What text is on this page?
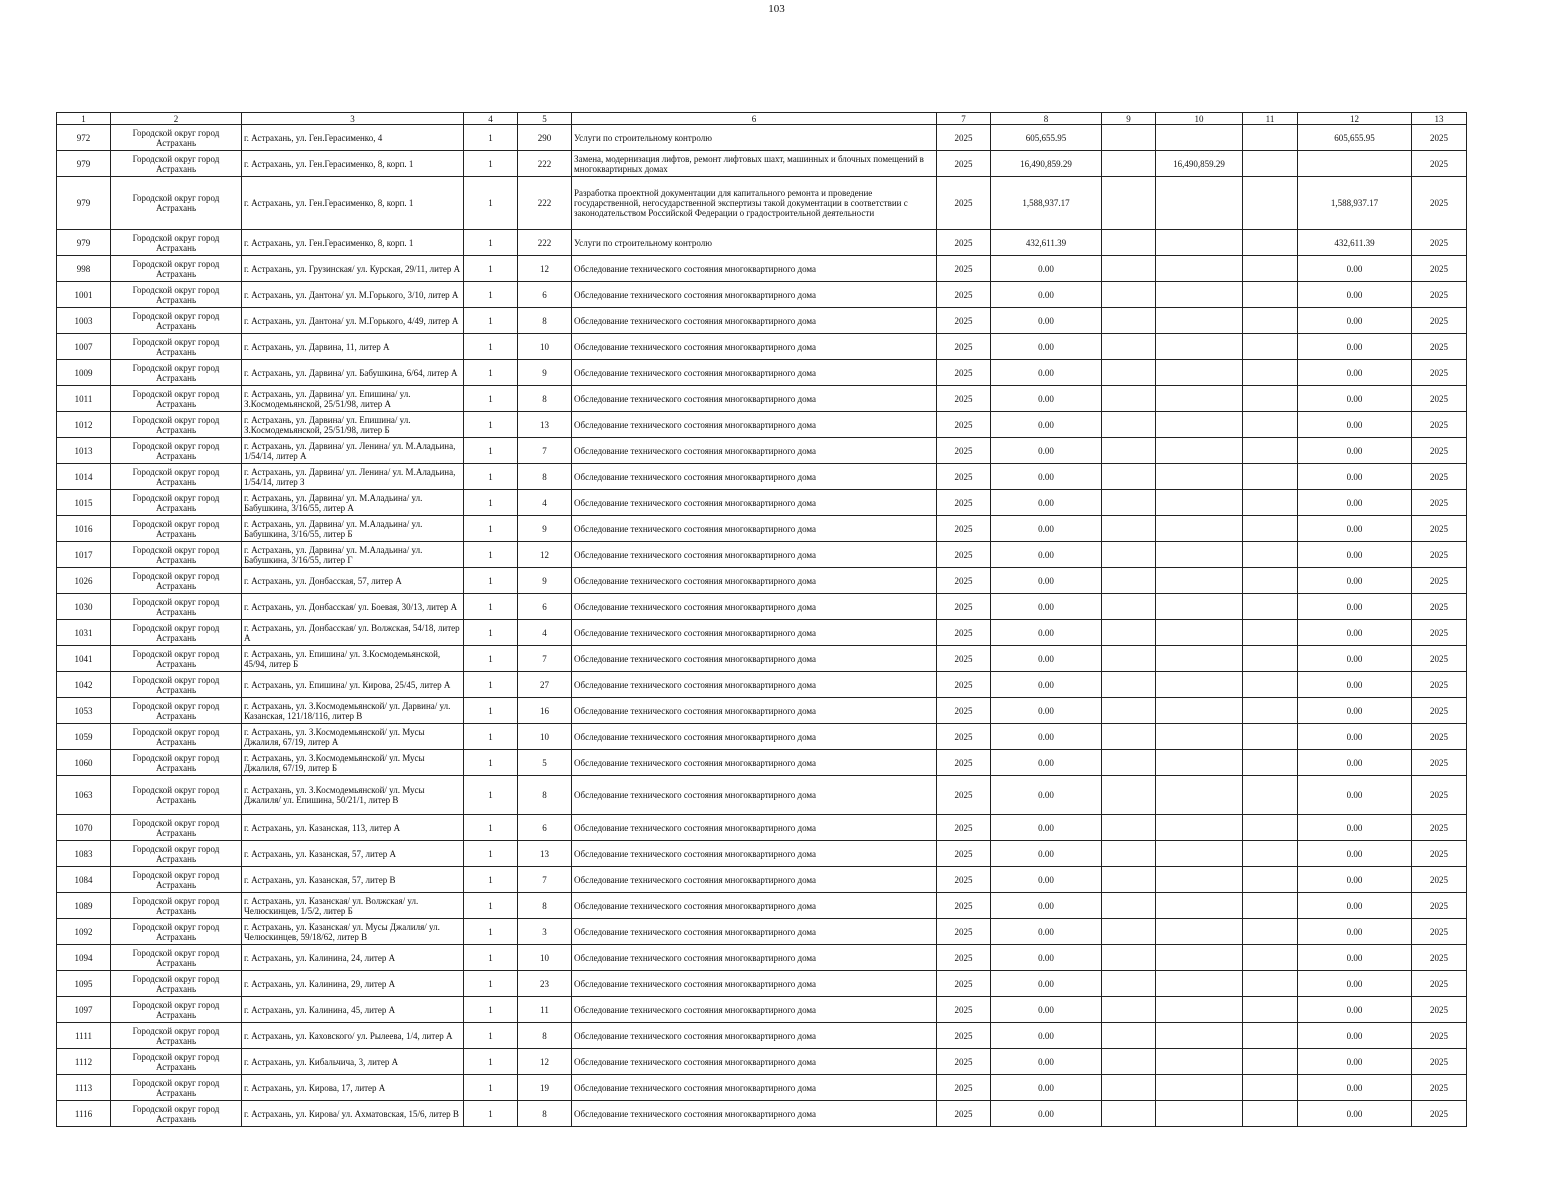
103
1	2	3	4	5	6	7	8	9	10	11	12	13
972	Городской округ город Астрахань	г. Астрахань, ул. Ген.Герасименко, 4	1	290	Услуги по строительному контролю	2025	605,655.95				605,655.95	2025
979	Городской округ город Астрахань	г. Астрахань, ул. Ген.Герасименко, 8, корп. 1	1	222	Замена, модернизация лифтов, ремонт лифтовых шахт, машинных и блочных помещений в многоквартирных домах	2025	16,490,859.29		16,490,859.29			2025
979	Городской округ город Астрахань	г. Астрахань, ул. Ген.Герасименко, 8, корп. 1	1	222	Разработка проектной документации для капитального ремонта и проведение государственной, негосударственной экспертизы такой документации в соответствии с законодательством Российской Федерации о градостроительной деятельности	2025	1,588,937.17				1,588,937.17	2025
979	Городской округ город Астрахань	г. Астрахань, ул. Ген.Герасименко, 8, корп. 1	1	222	Услуги по строительному контролю	2025	432,611.39				432,611.39	2025
998	Городской округ город Астрахань	г. Астрахань, ул. Грузинская/ ул. Курская, 29/11, литер А	1	12	Обследование технического состояния многоквартирного дома	2025	0.00				0.00	2025
1001	Городской округ город Астрахань	г. Астрахань, ул. Дантона/ ул. М.Горького, 3/10, литер А	1	6	Обследование технического состояния многоквартирного дома	2025	0.00				0.00	2025
1003	Городской округ город Астрахань	г. Астрахань, ул. Дантона/ ул. М.Горького, 4/49, литер А	1	8	Обследование технического состояния многоквартирного дома	2025	0.00				0.00	2025
1007	Городской округ город Астрахань	г. Астрахань, ул. Дарвина, 11, литер А	1	10	Обследование технического состояния многоквартирного дома	2025	0.00				0.00	2025
1009	Городской округ город Астрахань	г. Астрахань, ул. Дарвина/ ул. Бабушкина, 6/64, литер А	1	9	Обследование технического состояния многоквартирного дома	2025	0.00				0.00	2025
1011	Городской округ город Астрахань	г. Астрахань, ул. Дарвина/ ул. Епишина/ ул. З.Космодемьянской, 25/51/98, литер А	1	8	Обследование технического состояния многоквартирного дома	2025	0.00				0.00	2025
1012	Городской округ город Астрахань	г. Астрахань, ул. Дарвина/ ул. Епишина/ ул. З.Космодемьянской, 25/51/98, литер Б	1	13	Обследование технического состояния многоквартирного дома	2025	0.00				0.00	2025
1013	Городской округ город Астрахань	г. Астрахань, ул. Дарвина/ ул. Ленина/ ул. М.Аладьина, 1/54/14, литер А	1	7	Обследование технического состояния многоквартирного дома	2025	0.00				0.00	2025
1014	Городской округ город Астрахань	г. Астрахань, ул. Дарвина/ ул. Ленина/ ул. М.Аладьина, 1/54/14, литер З	1	8	Обследование технического состояния многоквартирного дома	2025	0.00				0.00	2025
1015	Городской округ город Астрахань	г. Астрахань, ул. Дарвина/ ул. М.Аладьина/ ул. Бабушкина, 3/16/55, литер А	1	4	Обследование технического состояния многоквартирного дома	2025	0.00				0.00	2025
1016	Городской округ город Астрахань	г. Астрахань, ул. Дарвина/ ул. М.Аладьина/ ул. Бабушкина, 3/16/55, литер Б	1	9	Обследование технического состояния многоквартирного дома	2025	0.00				0.00	2025
1017	Городской округ город Астрахань	г. Астрахань, ул. Дарвина/ ул. М.Аладьина/ ул. Бабушкина, 3/16/55, литер Г	1	12	Обследование технического состояния многоквартирного дома	2025	0.00				0.00	2025
1026	Городской округ город Астрахань	г. Астрахань, ул. Донбасская, 57, литер А	1	9	Обследование технического состояния многоквартирного дома	2025	0.00				0.00	2025
1030	Городской округ город Астрахань	г. Астрахань, ул. Донбасская/ ул. Боевая, 30/13, литер А	1	6	Обследование технического состояния многоквартирного дома	2025	0.00				0.00	2025
1031	Городской округ город Астрахань	г. Астрахань, ул. Донбасская/ ул. Волжская, 54/18, литер А	1	4	Обследование технического состояния многоквартирного дома	2025	0.00				0.00	2025
1041	Городской округ город Астрахань	г. Астрахань, ул. Епишина/ ул. З.Космодемьянской, 45/94, литер Б	1	7	Обследование технического состояния многоквартирного дома	2025	0.00				0.00	2025
1042	Городской округ город Астрахань	г. Астрахань, ул. Епишина/ ул. Кирова, 25/45, литер А	1	27	Обследование технического состояния многоквартирного дома	2025	0.00				0.00	2025
1053	Городской округ город Астрахань	г. Астрахань, ул. З.Космодемьянской/ ул. Дарвина/ ул. Казанская, 121/18/116, литер В	1	16	Обследование технического состояния многоквартирного дома	2025	0.00				0.00	2025
1059	Городской округ город Астрахань	г. Астрахань, ул. З.Космодемьянской/ ул. Мусы Джалиля, 67/19, литер А	1	10	Обследование технического состояния многоквартирного дома	2025	0.00				0.00	2025
1060	Городской округ город Астрахань	г. Астрахань, ул. З.Космодемьянской/ ул. Мусы Джалиля, 67/19, литер Б	1	5	Обследование технического состояния многоквартирного дома	2025	0.00				0.00	2025
1063	Городской округ город Астрахань	г. Астрахань, ул. З.Космодемьянской/ ул. Мусы Джалиля/ ул. Епишина, 50/21/1, литер В	1	8	Обследование технического состояния многоквартирного дома	2025	0.00				0.00	2025
1070	Городской округ город Астрахань	г. Астрахань, ул. Казанская, 113, литер А	1	6	Обследование технического состояния многоквартирного дома	2025	0.00				0.00	2025
1083	Городской округ город Астрахань	г. Астрахань, ул. Казанская, 57, литер А	1	13	Обследование технического состояния многоквартирного дома	2025	0.00				0.00	2025
1084	Городской округ город Астрахань	г. Астрахань, ул. Казанская, 57, литер В	1	7	Обследование технического состояния многоквартирного дома	2025	0.00				0.00	2025
1089	Городской округ город Астрахань	г. Астрахань, ул. Казанская/ ул. Волжская/ ул. Челюскинцев, 1/5/2, литер Б	1	8	Обследование технического состояния многоквартирного дома	2025	0.00				0.00	2025
1092	Городской округ город Астрахань	г. Астрахань, ул. Казанская/ ул. Мусы Джалиля/ ул. Челюскинцев, 59/18/62, литер В	1	3	Обследование технического состояния многоквартирного дома	2025	0.00				0.00	2025
1094	Городской округ город Астрахань	г. Астрахань, ул. Калинина, 24, литер А	1	10	Обследование технического состояния многоквартирного дома	2025	0.00				0.00	2025
1095	Городской округ город Астрахань	г. Астрахань, ул. Калинина, 29, литер А	1	23	Обследование технического состояния многоквартирного дома	2025	0.00				0.00	2025
1097	Городской округ город Астрахань	г. Астрахань, ул. Калинина, 45, литер А	1	11	Обследование технического состояния многоквартирного дома	2025	0.00				0.00	2025
1111	Городской округ город Астрахань	г. Астрахань, ул. Каховского/ ул. Рылеева, 1/4, литер А	1	8	Обследование технического состояния многоквартирного дома	2025	0.00				0.00	2025
1112	Городской округ город Астрахань	г. Астрахань, ул. Кибальчича, 3, литер А	1	12	Обследование технического состояния многоквартирного дома	2025	0.00				0.00	2025
1113	Городской округ город Астрахань	г. Астрахань, ул. Кирова, 17, литер А	1	19	Обследование технического состояния многоквартирного дома	2025	0.00				0.00	2025
1116	Городской округ город Астрахань	г. Астрахань, ул. Кирова/ ул. Ахматовская, 15/6, литер В	1	8	Обследование технического состояния многоквартирного дома	2025	0.00				0.00	2025
